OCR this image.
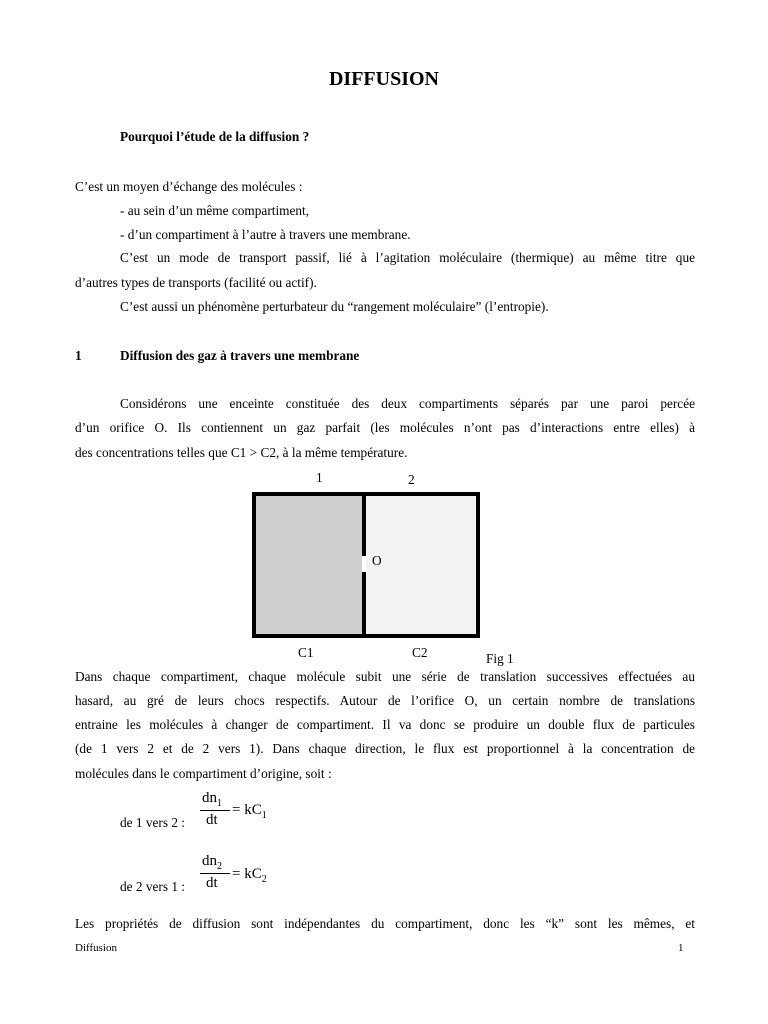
DIFFUSION
Pourquoi l’étude de la diffusion ?
C’est un moyen d’échange des molécules :
- au sein d’un même compartiment,
- d’un compartiment à l’autre à travers une membrane.
C’est un mode de transport passif, lié à l’agitation moléculaire (thermique) au même titre que
d’autres types de transports (facilité ou actif).
C’est aussi un phénomène perturbateur du “rangement moléculaire” (l’entropie).
1	Diffusion des gaz à travers une membrane
Considérons une enceinte constituée des deux compartiments séparés par une paroi percée
d’un orifice O. Ils contiennent un gaz parfait (les molécules n’ont pas d’interactions entre elles) à
des concentrations telles que C1 > C2, à la même température.
1	2
O
C1	C2	Fig 1
Dans chaque compartiment, chaque molécule subit une série de translation successives effectuées au
hasard, au gré de leurs chocs respectifs. Autour de l’orifice O, un certain nombre de translations
entraine les molécules à changer de compartiment. Il va donc se produire un double flux de particules
(de 1 vers 2 et de 2 vers 1). Dans chaque direction, le flux est proportionnel à la concentration de
molécules dans le compartiment d’origine, soit :
de 1 vers 2 :
$dn_1$
dt
= $kC_1$
de 2 vers 1 :
$dn_2$
dt
= $kC_2$
Les propriétés de diffusion sont indépendantes du compartiment, donc les “k” sont les mêmes, et
Diffusion	1
